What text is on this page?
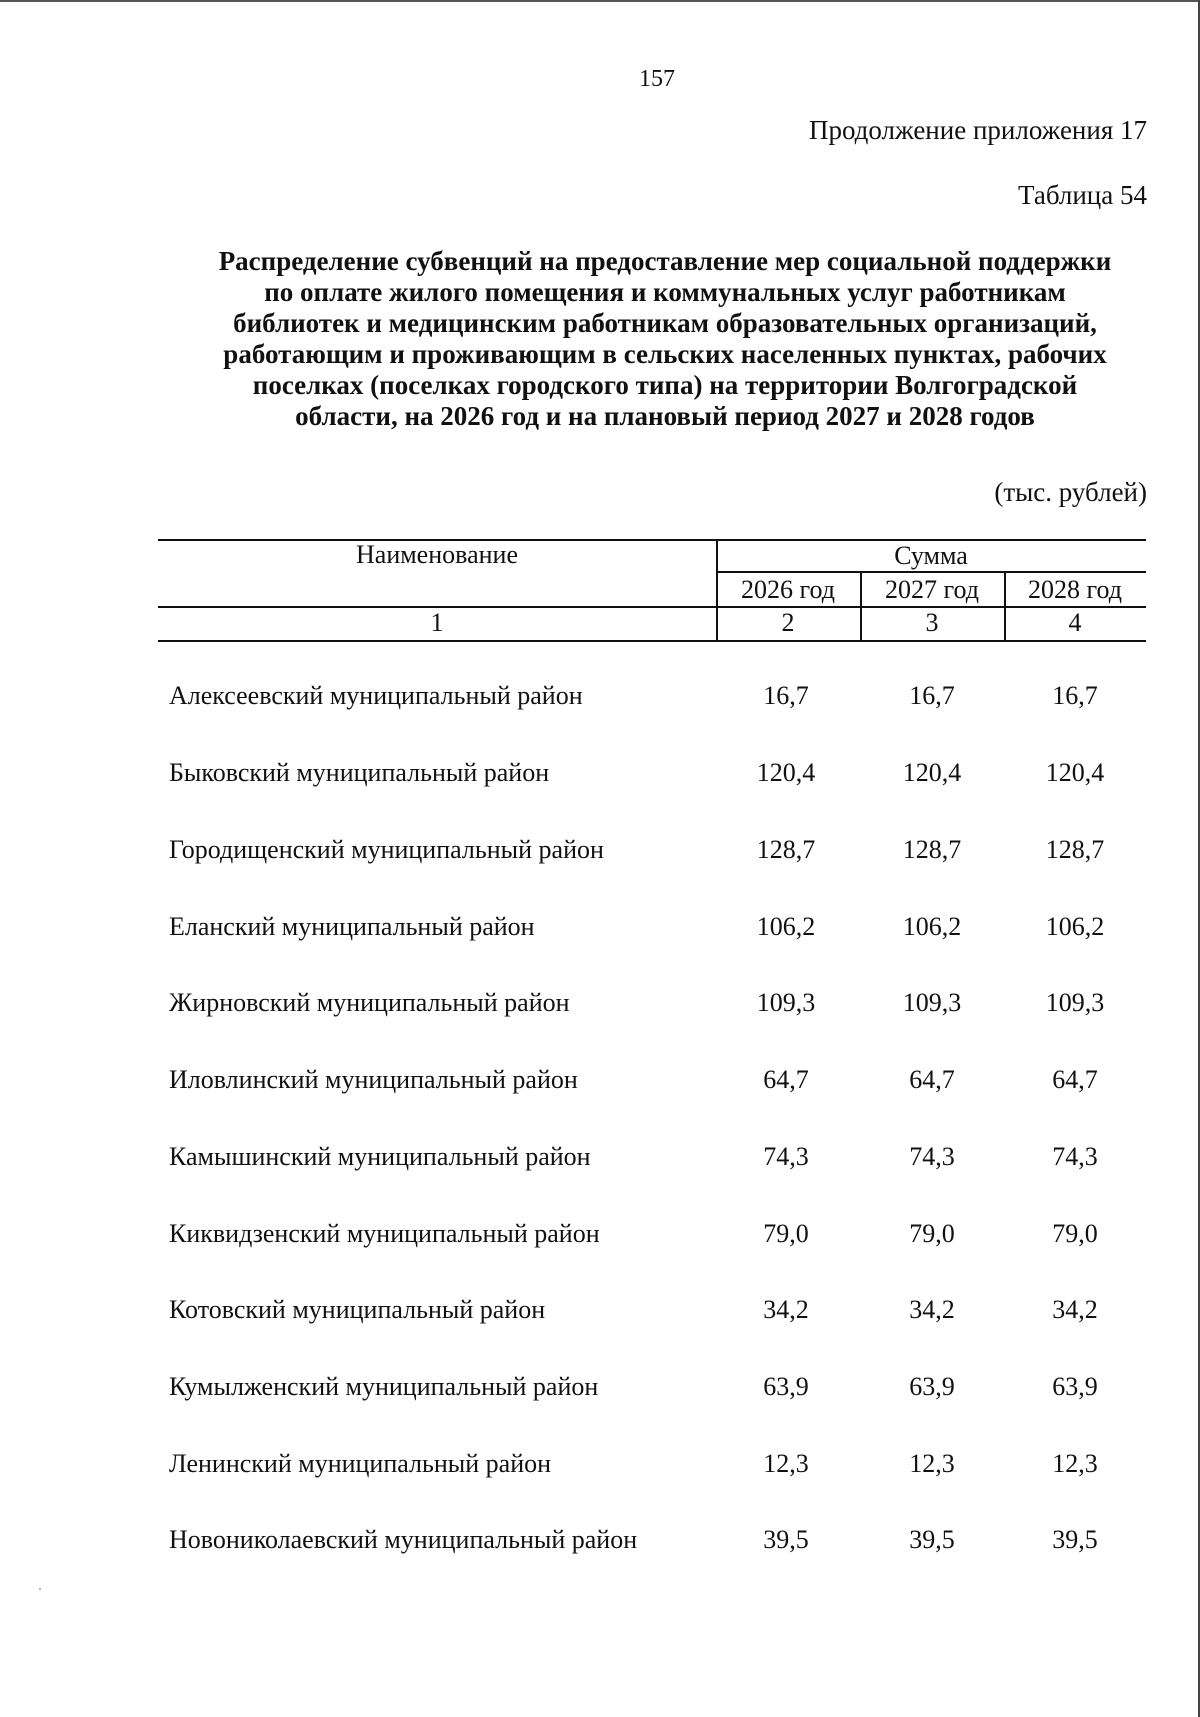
157
Продолжение приложения 17
Таблица 54
Распределение субвенций на предоставление мер социальной поддержки
по оплате жилого помещения и коммунальных услуг работникам
библиотек и медицинским работникам образовательных организаций,
работающим и проживающим в сельских населенных пунктах, рабочих
поселках (поселках городского типа) на территории Волгоградской
области, на 2026 год и на плановый период 2027 и 2028 годов
(тыс. рублей)
Наименование	Сумма
2026 год	2027 год	2028 год
1	2	3	4
Алексеевский муниципальный район	16,7	16,7	16,7
Быковский муниципальный район	120,4	120,4	120,4
Городищенский муниципальный район	128,7	128,7	128,7
Еланский муниципальный район	106,2	106,2	106,2
Жирновский муниципальный район	109,3	109,3	109,3
Иловлинский муниципальный район	64,7	64,7	64,7
Камышинский муниципальный район	74,3	74,3	74,3
Киквидзенский муниципальный район	79,0	79,0	79,0
Котовский муниципальный район	34,2	34,2	34,2
Кумылженский муниципальный район	63,9	63,9	63,9
Ленинский муниципальный район	12,3	12,3	12,3
Новониколаевский муниципальный район	39,5	39,5	39,5
